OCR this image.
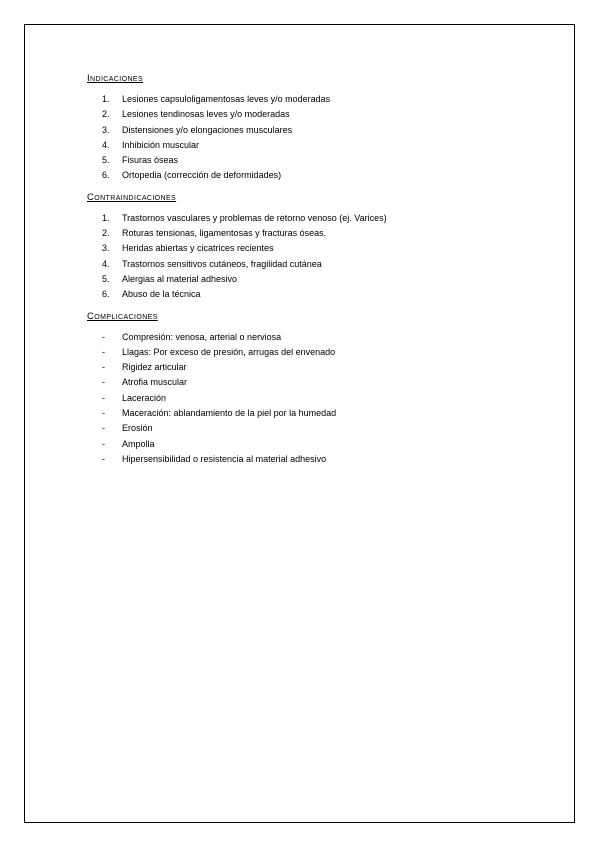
Indicaciones
1.	Lesiones capsuloligamentosas leves y/o moderadas
2.	Lesiones tendinosas leves y/o moderadas
3.	Distensiones y/o elongaciones musculares
4.	Inhibición muscular
5.	Fisuras óseas
6.	Ortopedia (corrección de deformidades)
Contraindicaciones
1.	Trastornos vasculares y problemas de retorno venoso (ej. Varices)
2.	Roturas tensionas, ligamentosas y fracturas óseas.
3.	Heridas abiertas y cicatrices recientes
4.	Trastornos sensitivos cutáneos, fragilidad cutánea
5.	Alergias al material adhesivo
6.	Abuso de la técnica
Complicaciones
-	Compresión: venosa, arterial o nerviosa
-	Llagas: Por exceso de presión, arrugas del envenado
-	Rigidez articular
-	Atrofia muscular
-	Laceración
-	Maceración: ablandamiento de la piel por la humedad
-	Erosión
-	Ampolla
-	Hipersensibilidad o resistencia al material adhesivo
